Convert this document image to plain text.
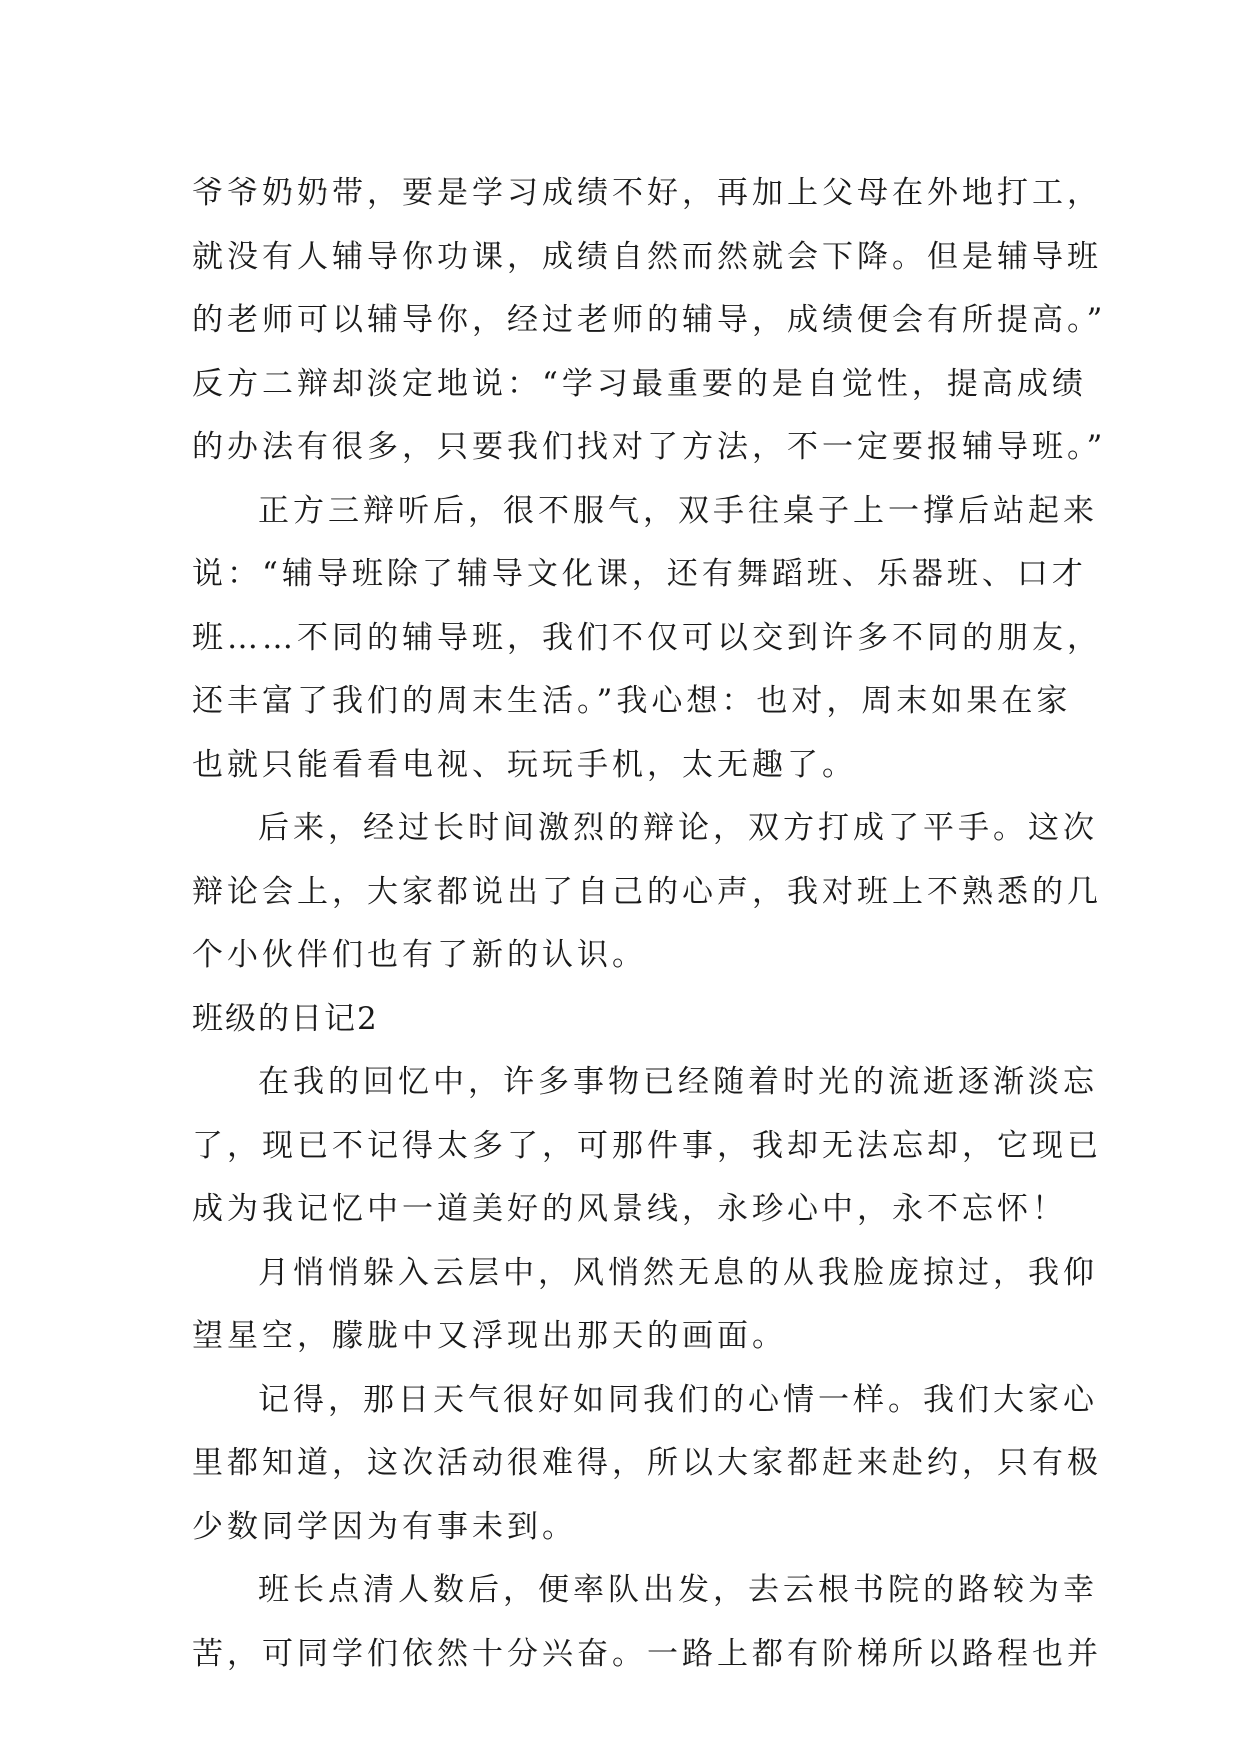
爷爷奶奶带，要是学习成绩不好，再加上父母在外地打工，
就没有人辅导你功课，成绩自然而然就会下降。但是辅导班
的老师可以辅导你，经过老师的辅导，成绩便会有所提高。”
反方二辩却淡定地说：“学习最重要的是自觉性，提高成绩
的办法有很多，只要我们找对了方法，不一定要报辅导班。”
正方三辩听后，很不服气，双手往桌子上一撑后站起来
说：“辅导班除了辅导文化课，还有舞蹈班、乐器班、口才
班……不同的辅导班，我们不仅可以交到许多不同的朋友，
还丰富了我们的周末生活。”我心想：也对，周末如果在家
也就只能看看电视、玩玩手机，太无趣了。
后来，经过长时间激烈的辩论，双方打成了平手。这次
辩论会上，大家都说出了自己的心声，我对班上不熟悉的几
个小伙伴们也有了新的认识。
班级的日记2
在我的回忆中，许多事物已经随着时光的流逝逐渐淡忘
了，现已不记得太多了，可那件事，我却无法忘却，它现已
成为我记忆中一道美好的风景线，永珍心中，永不忘怀！
月悄悄躲入云层中，风悄然无息的从我脸庞掠过，我仰
望星空，朦胧中又浮现出那天的画面。
记得，那日天气很好如同我们的心情一样。我们大家心
里都知道，这次活动很难得，所以大家都赶来赴约，只有极
少数同学因为有事未到。
班长点清人数后，便率队出发，去云根书院的路较为幸
苦，可同学们依然十分兴奋。一路上都有阶梯所以路程也并
